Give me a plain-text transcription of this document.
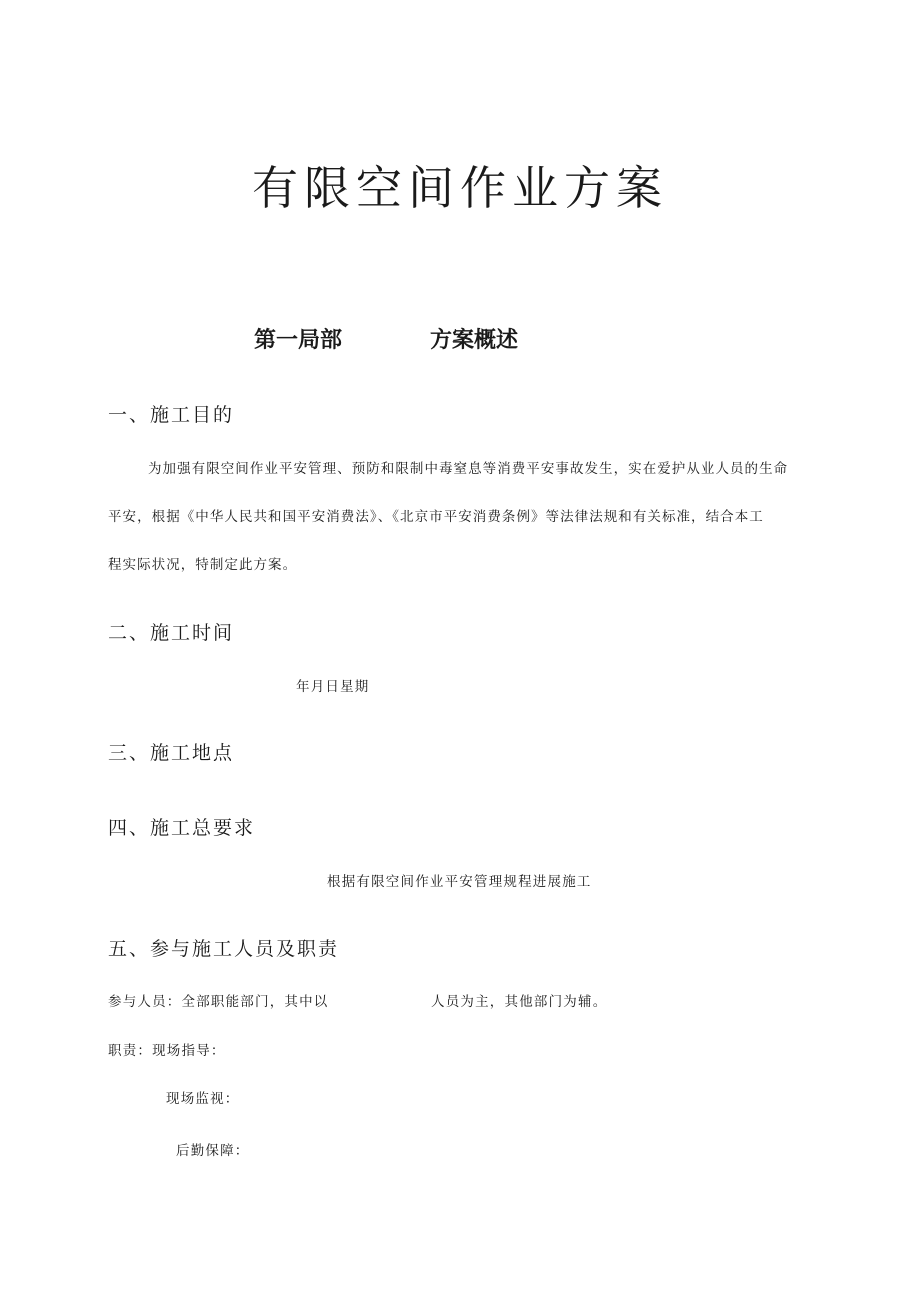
有限空间作业方案
第一局部	方案概述
一、施工目的
为加强有限空间作业平安管理、预防和限制中毒窒息等消费平安事故发生，实在爱护从业人员的生命
平安，根据《中华人民共和国平安消费法》、《北京市平安消费条例》等法律法规和有关标准，结合本工
程实际状况，特制定此方案。
二、施工时间
年月日星期
三、施工地点
四、施工总要求
根据有限空间作业平安管理规程进展施工
五、参与施工人员及职责
参与人员：全部职能部门，其中以	人员为主，其他部门为辅。
职责：现场指导：
现场监视：
后勤保障：
